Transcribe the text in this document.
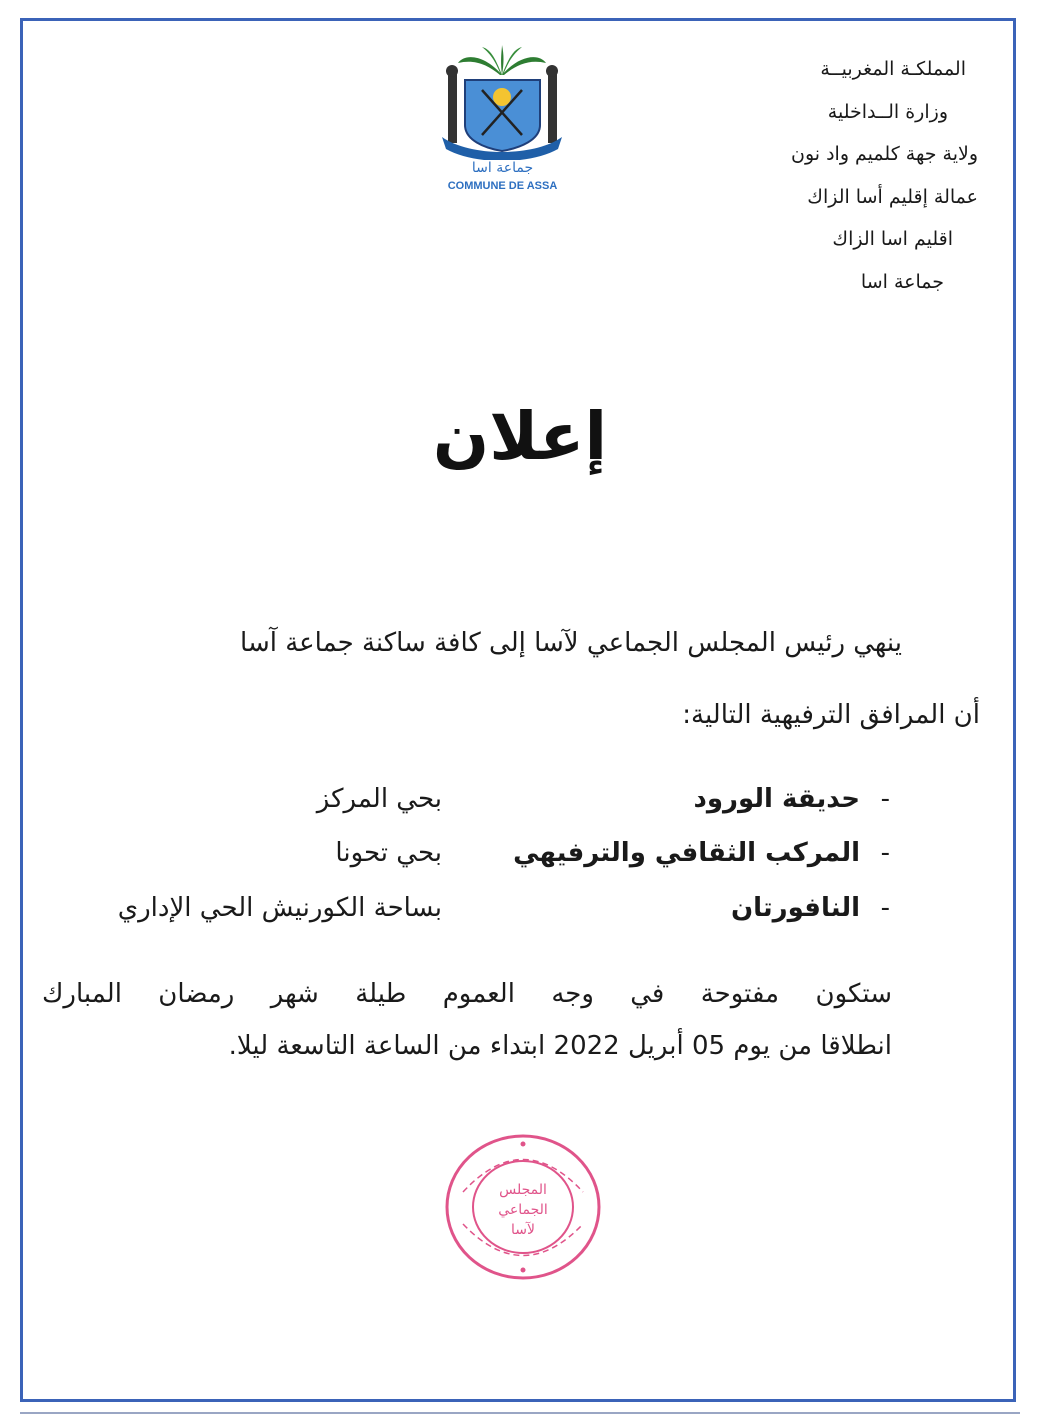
المملكـة المغربيــة
وزارة الــداخلية
ولاية جهة كلميم واد نون
عمالة إقليم أسا الزاك
اقليم اسا الزاك
جماعة اسا
جماعة اسا
COMMUNE DE ASSA
إعلان
ينهي رئيس المجلس الجماعي لآسا إلى كافة ساكنة جماعة آسا
أن المرافق الترفيهية التالية:
-
حديقة الورود
بحي المركز
-
المركب الثقافي والترفيهي
بحي تحونا
-
النافورتان
بساحة الكورنيش الحي الإداري
ستكون مفتوحة في وجه العموم طيلة شهر رمضان المبارك
انطلاقا من يوم 05 أبريل 2022 ابتداء من الساعة التاسعة ليلا.
المجلس
الجماعي
لآسا
